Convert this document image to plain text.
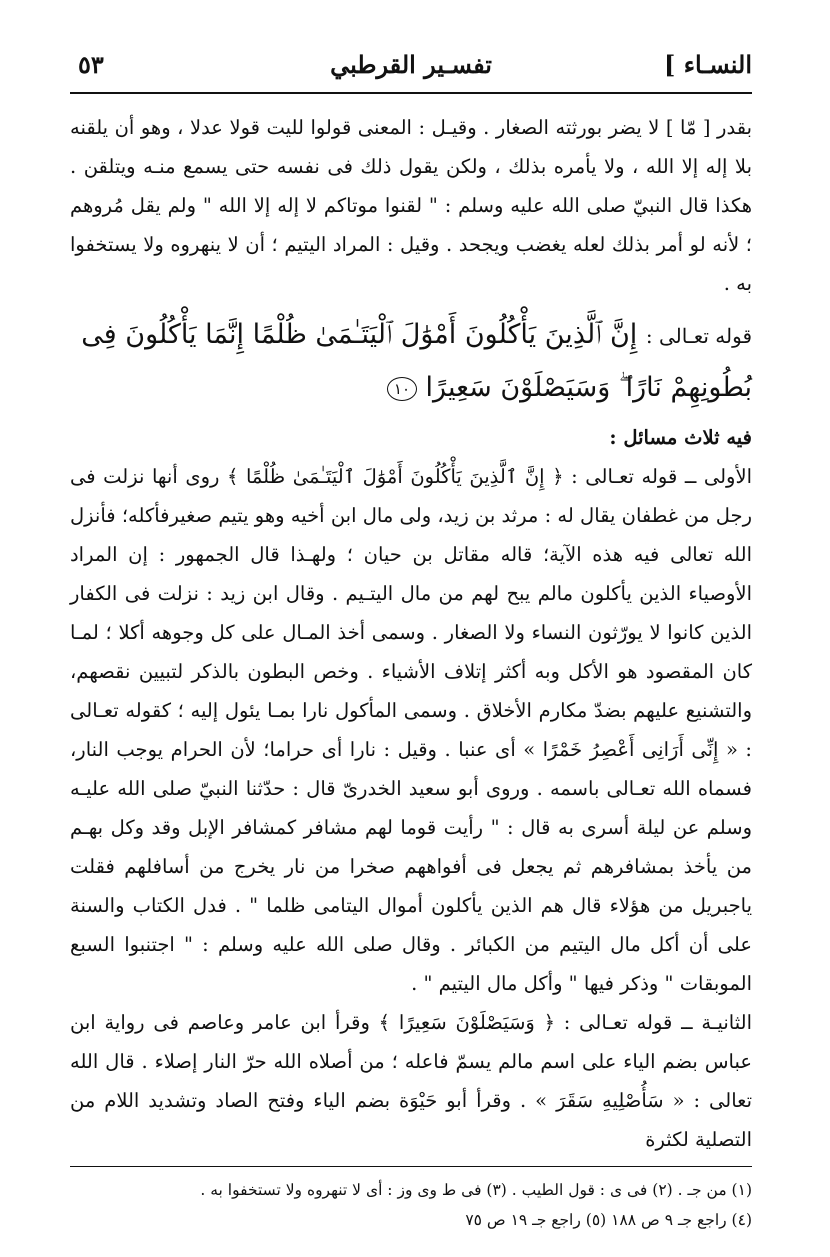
النسـاء ]
تفسـير القرطبي
٥٣

بقدر [ مّا ] لا يضر بورثته الصغار . وقيـل : المعنى قولوا لليت قولا عدلا ، وهو أن يلقنه بلا إله إلا الله ، ولا يأمره بذلك ، ولكن يقول ذلك فى نفسه حتى يسمع منـه ويتلقن . هكذا قال النبيّ صلى الله عليه وسلم : " لقنوا موتاكم لا إله إلا الله " ولم يقل مُروهم ؛ لأنه لو أمر بذلك لعله يغضب ويجحد . وقيل : المراد اليتيم ؛ أن لا ينهروه ولا يستخفوا به .

قوله تعـالى : إِنَّ ٱلَّذِينَ يَأْكُلُونَ أَمْوَٰلَ ٱلْيَتَـٰمَىٰ ظُلْمًا إِنَّمَا يَأْكُلُونَ فِى بُطُونِهِمْ نَارًا ۖ وَسَيَصْلَوْنَ سَعِيرًا ١٠

فيه ثلاث مسائل :

الأولى ــ قوله تعـالى : ﴿ إِنَّ ٱلَّذِينَ يَأْكُلُونَ أَمْوَٰلَ ٱلْيَتَـٰمَىٰ ظُلْمًا ﴾ روى أنها نزلت فى رجل من غطفان يقال له : مرثد بن زيد، ولى مال ابن أخيه وهو يتيم صغيرفأكله؛ فأنزل الله تعالى فيه هذه الآية؛ قاله مقاتل بن حيان ؛ ولهـذا قال الجمهور : إن المراد الأوصياء الذين يأكلون مالم يبح لهم من مال اليتـيم . وقال ابن زيد : نزلت فى الكفار الذين كانوا لا يورّثون النساء ولا الصغار . وسمى أخذ المـال على كل وجوهه أكلا ؛ لمـا كان المقصود هو الأكل وبه أكثر إتلاف الأشياء . وخص البطون بالذكر لتبيين نقصهم، والتشنيع عليهم بضدّ مكارم الأخلاق . وسمى المأكول نارا بمـا يئول إليه ؛ كقوله تعـالى : « إِنِّى أَرَانِى أَعْصِرُ خَمْرًا » أى عنبا . وقيل : نارا أى حراما؛ لأن الحرام يوجب النار، فسماه الله تعـالى باسمه . وروى أبو سعيد الخدرىّ قال : حدّثنا النبيّ صلى الله عليـه وسلم عن ليلة أسرى به قال : " رأيت قوما لهم مشافر كمشافر الإبل وقد وكل بهـم من يأخذ بمشافرهم ثم يجعل فى أفواههم صخرا من نار يخرج من أسافلهم فقلت ياجبريل من هؤلاء قال هم الذين يأكلون أموال اليتامى ظلما " . فدل الكتاب والسنة على أن أكل مال اليتيم من الكبائر . وقال صلى الله عليه وسلم : " اجتنبوا السبع الموبقات " وذكر فيها " وأكل مال اليتيم " .

الثانيـة ــ قوله تعـالى : ﴿ وَسَيَصْلَوْنَ سَعِيرًا ﴾ وقرأ ابن عامر وعاصم فى رواية ابن عباس بضم الياء على اسم مالم يسمّ فاعله ؛ من أصلاه الله حرّ النار إصلاء . قال الله تعالى : « سَأُصْلِيهِ سَقَرَ » . وقرأ أبو حَيْوَة بضم الياء وفتح الصاد وتشديد اللام من التصلية لكثرة

(١) من جـ . (٢) فى ى : قول الطيب . (٣) فى ط وى وز : أى لا تنهروه ولا تستخفوا به .
(٤) راجع جـ ٩ ص ١٨٨ (٥) راجع جـ ١٩ ص ٧٥
